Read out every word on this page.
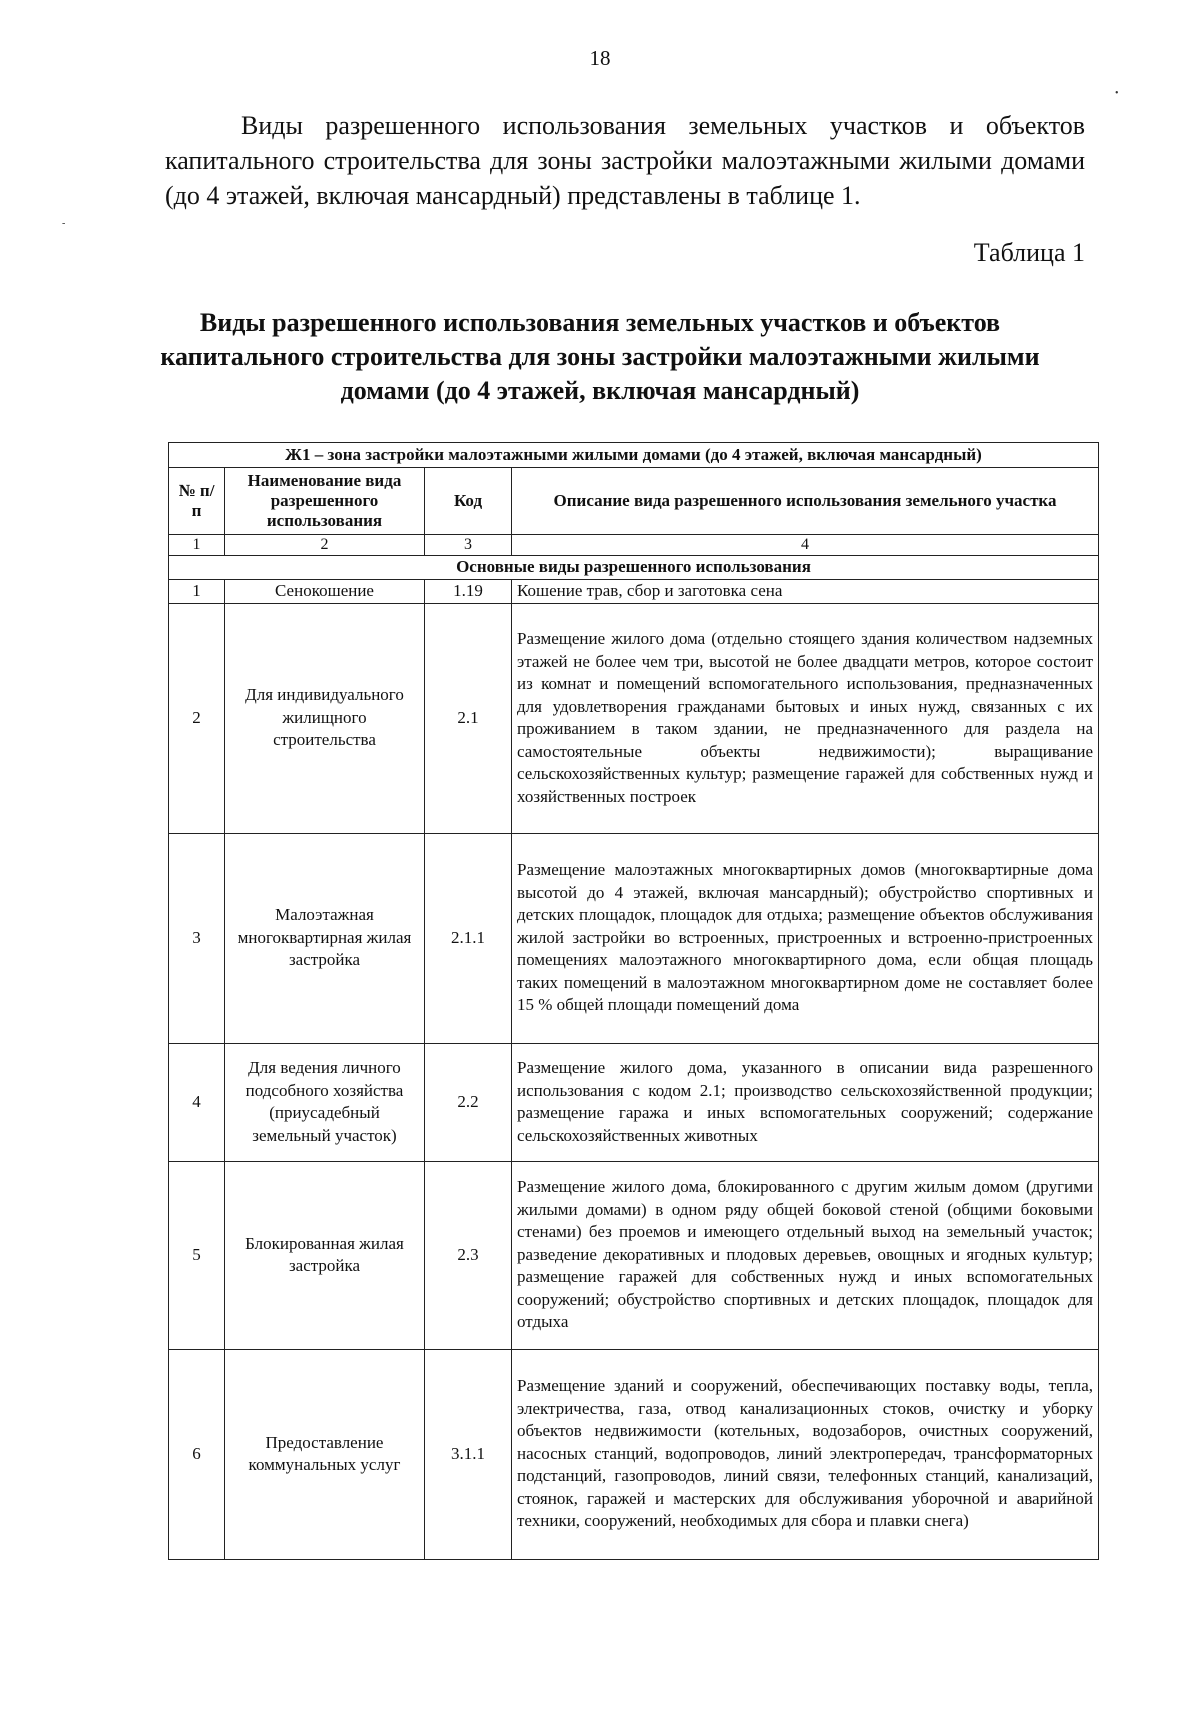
18
Виды разрешенного использования земельных участков и объектов капитального строительства для зоны застройки малоэтажными жилыми домами (до 4 этажей, включая мансардный) представлены в таблице 1.
Таблица 1
Виды разрешенного использования земельных участков и объектов капитального строительства для зоны застройки малоэтажными жилыми домами (до 4 этажей, включая мансардный)
•
-
Ж1 – зона застройки малоэтажными жилыми домами (до 4 этажей, включая мансардный)			
№ п/п	Наименование вида разрешенного использования	Код	Описание вида разрешенного использования земельного участка
1	2	3	4
Основные виды разрешенного использования			
1	Сенокошение	1.19	Кошение трав, сбор и заготовка сена
2	Для индивидуального жилищного строительства	2.1	Размещение жилого дома (отдельно стоящего здания количеством надземных этажей не более чем три, высотой не более двадцати метров, которое состоит из комнат и помещений вспомогательного использования, предназначенных для удовлетворения гражданами бытовых и иных нужд, связанных с их проживанием в таком здании, не предназначенного для раздела на самостоятельные объекты недвижимости); выращивание сельскохозяйственных культур; размещение гаражей для собственных нужд и хозяйственных построек
3	Малоэтажная многоквартирная жилая застройка	2.1.1	Размещение малоэтажных многоквартирных домов (многоквартирные дома высотой до 4 этажей, включая мансардный); обустройство спортивных и детских площадок, площадок для отдыха; размещение объектов обслуживания жилой застройки во встроенных, пристроенных и встроенно-пристроенных помещениях малоэтажного многоквартирного дома, если общая площадь таких помещений в малоэтажном многоквартирном доме не составляет более 15 % общей площади помещений дома
4	Для ведения личного подсобного хозяйства (приусадебный земельный участок)	2.2	Размещение жилого дома, указанного в описании вида разрешенного использования с кодом 2.1; производство сельскохозяйственной продукции; размещение гаража и иных вспомогательных сооружений; содержание сельскохозяйственных животных
5	Блокированная жилая застройка	2.3	Размещение жилого дома, блокированного с другим жилым домом (другими жилыми домами) в одном ряду общей боковой стеной (общими боковыми стенами) без проемов и имеющего отдельный выход на земельный участок; разведение декоративных и плодовых деревьев, овощных и ягодных культур; размещение гаражей для собственных нужд и иных вспомогательных сооружений; обустройство спортивных и детских площадок, площадок для отдыха
6	Предоставление коммунальных услуг	3.1.1	Размещение зданий и сооружений, обеспечивающих поставку воды, тепла, электричества, газа, отвод канализационных стоков, очистку и уборку объектов недвижимости (котельных, водозаборов, очистных сооружений, насосных станций, водопроводов, линий электропередач, трансформаторных подстанций, газопроводов, линий связи, телефонных станций, канализаций, стоянок, гаражей и мастерских для обслуживания уборочной и аварийной техники, сооружений, необходимых для сбора и плавки снега)
